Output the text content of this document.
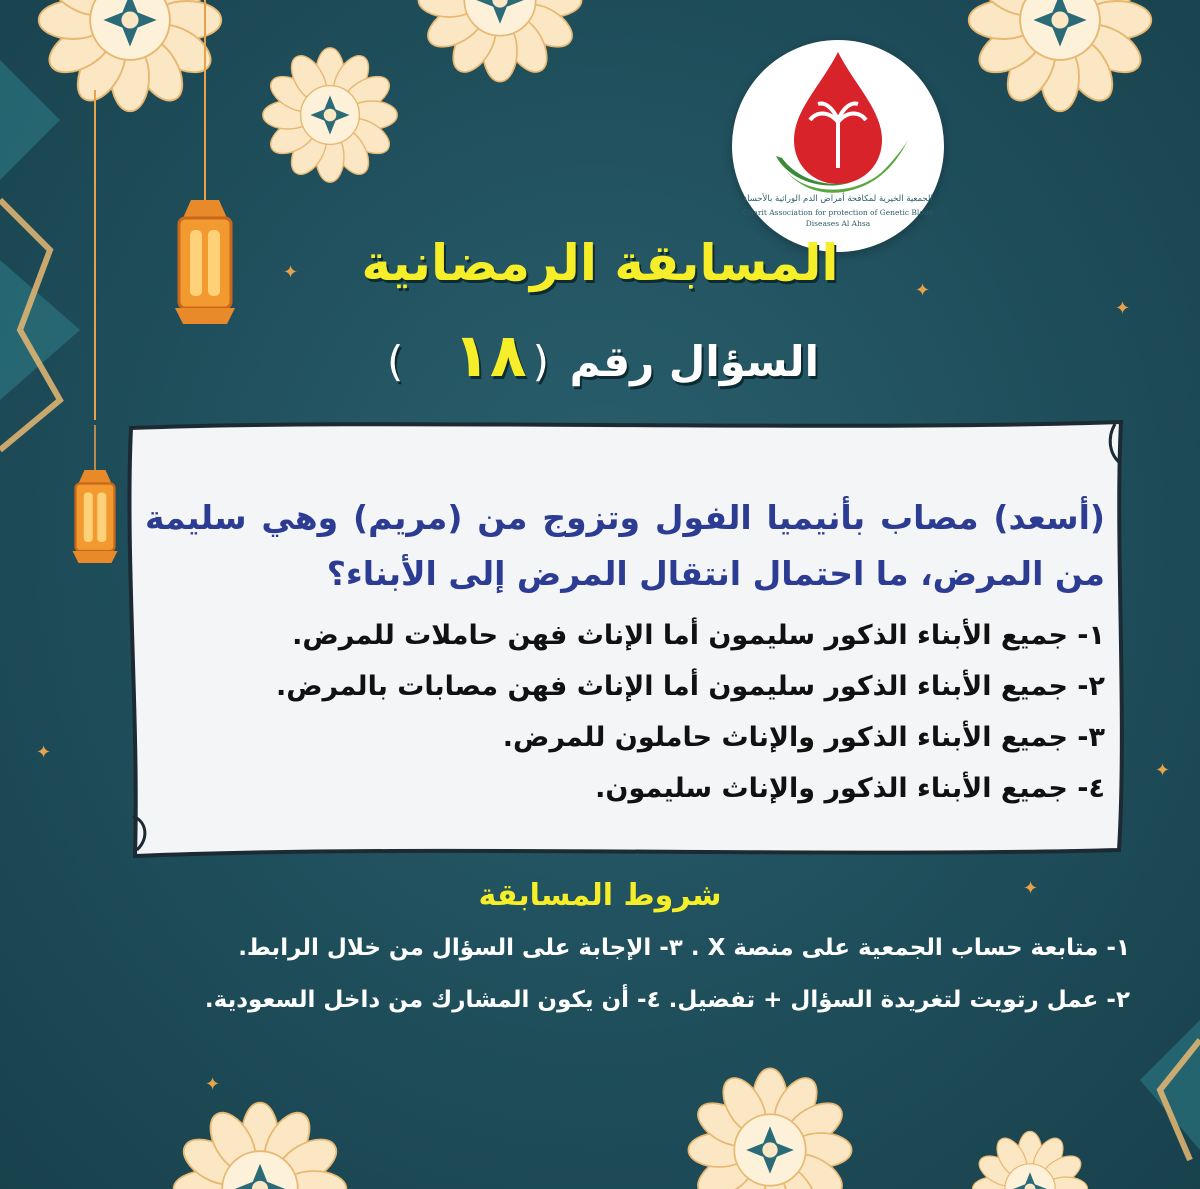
✦
✦
✦
✦
✦
✦
✦
الجمعية الخيرية لمكافحة أمراض الدم الوراثية بالأحساء
Charit Association for protection of Genetic Blood Diseases Al Ahsa
المسابقة الرمضانية
السؤال رقم (١٨)

(أسعد) مصاب بأنيميا الفول وتزوج من (مريم) وهي سليمة من المرض، ما احتمال انتقال المرض إلى الأبناء؟

١- جميع الأبناء الذكور سليمون أما الإناث فهن حاملات للمرض.
٢- جميع الأبناء الذكور سليمون أما الإناث فهن مصابات بالمرض.
٣- جميع الأبناء الذكور والإناث حاملون للمرض.
٤- جميع الأبناء الذكور والإناث سليمون.
شروط المسابقة
١- متابعة حساب الجمعية على منصة X . ٣- الإجابة على السؤال من خلال الرابط.
٢- عمل رتويت لتغريدة السؤال + تفضيل. ٤- أن يكون المشارك من داخل السعودية.
